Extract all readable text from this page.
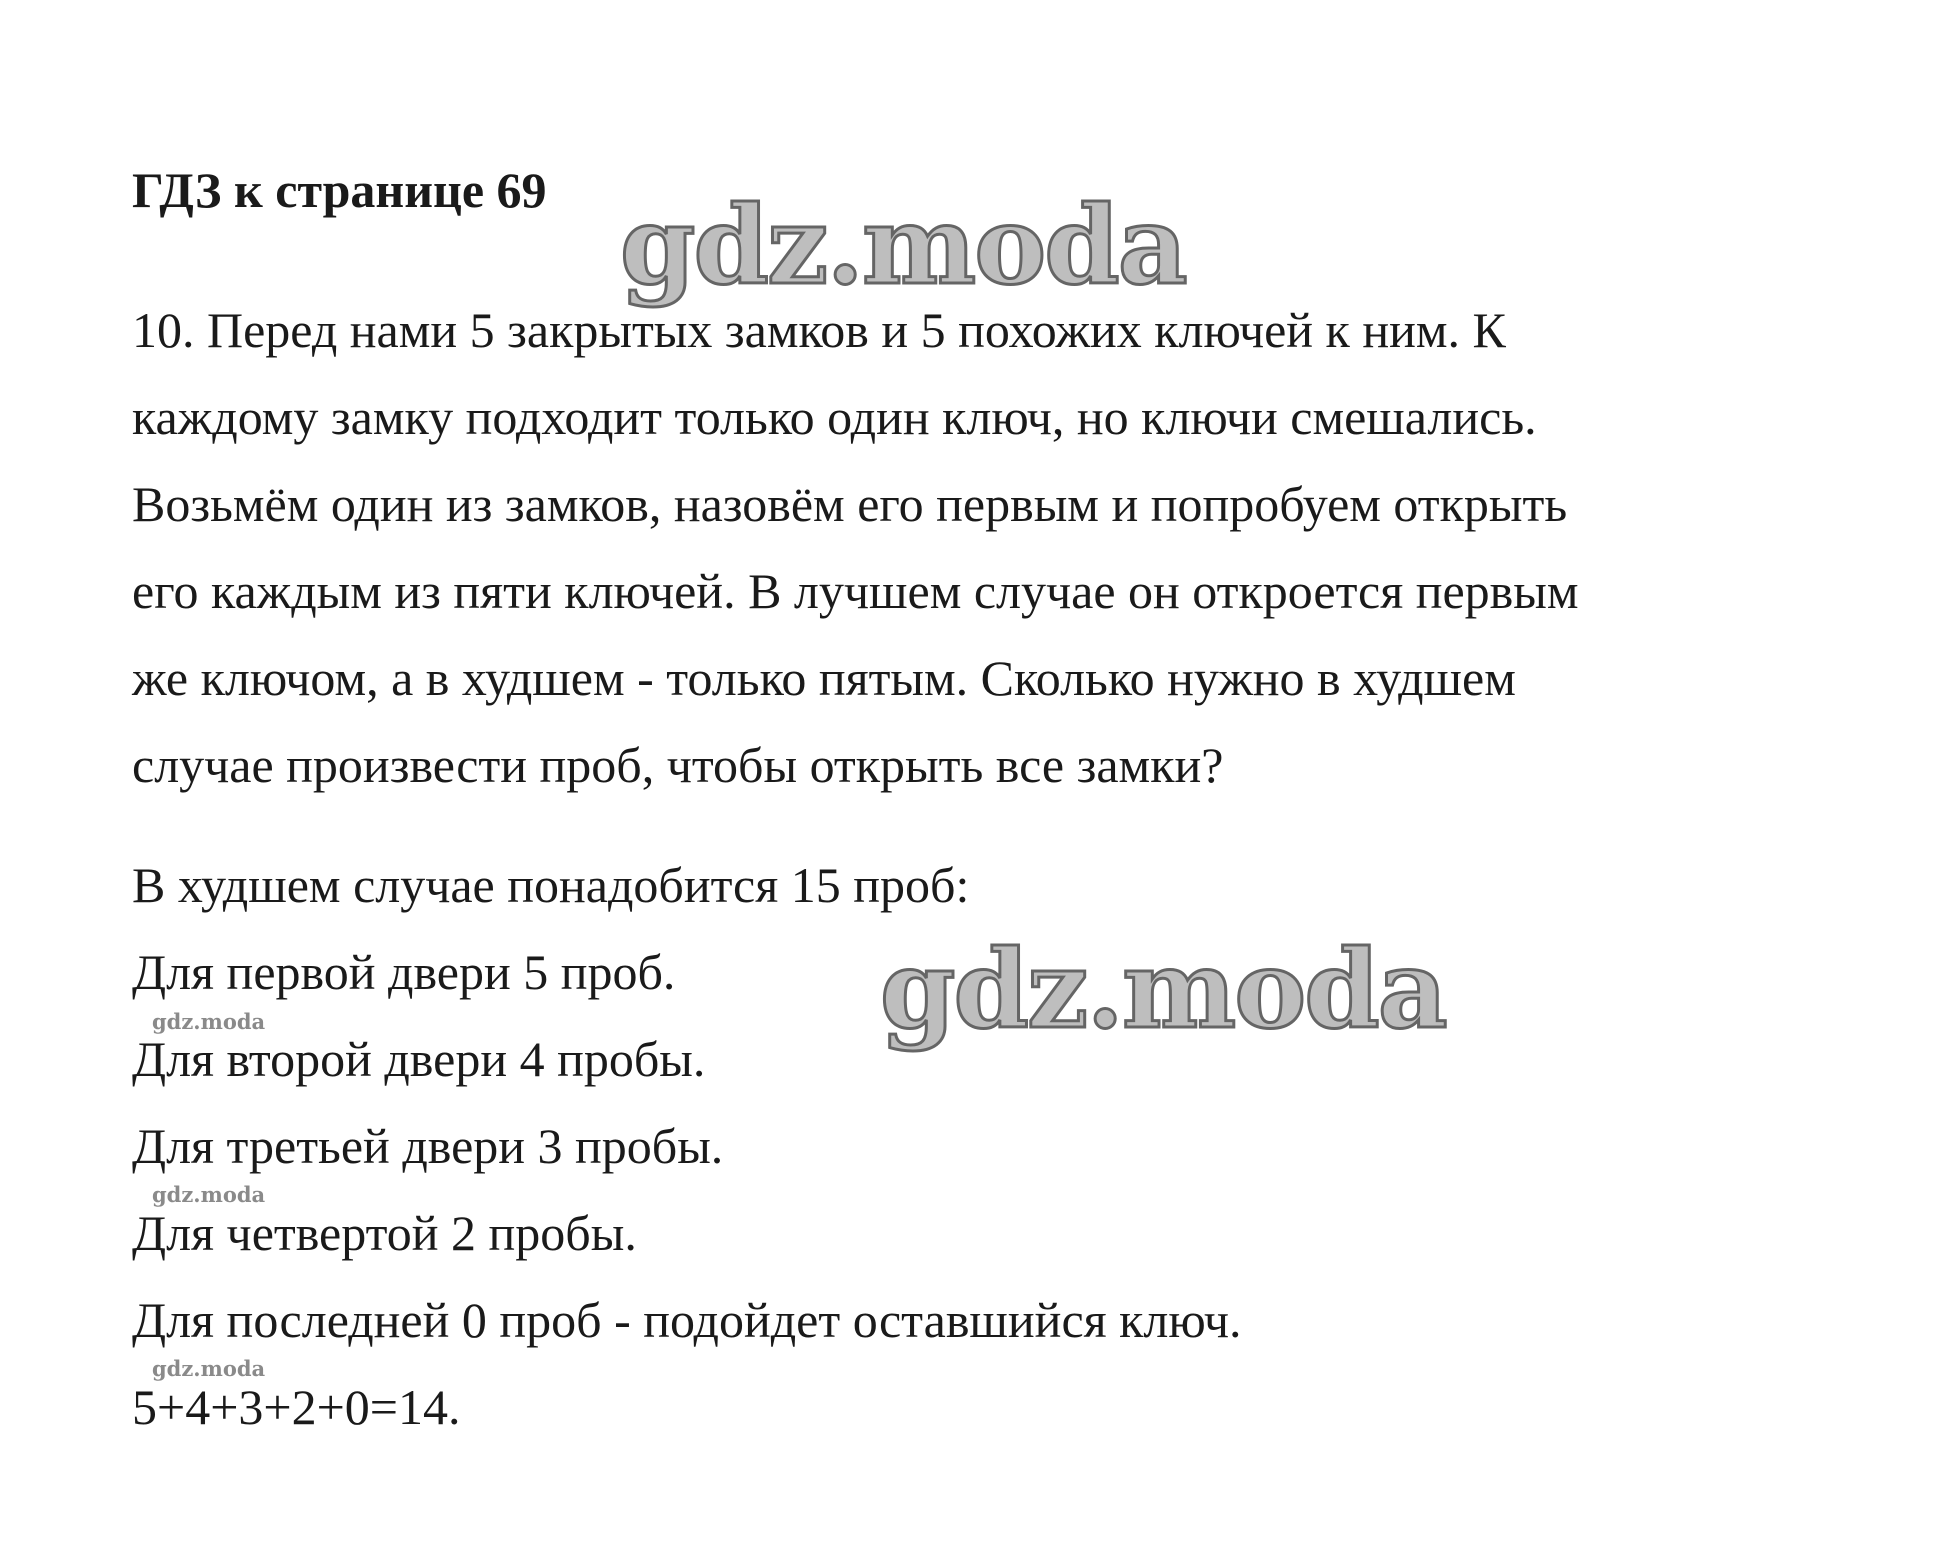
ГДЗ к странице 69

10. Перед нами 5 закрытых замков и 5 похожих ключей к ним. К

каждому замку подходит только один ключ, но ключи смешались.

Возьмём один из замков, назовём его первым и попробуем открыть

его каждым из пяти ключей. В лучшем случае он откроется первым

же ключом, а в худшем - только пятым. Сколько нужно в худшем

случае произвести проб, чтобы открыть все замки?

В худшем случае понадобится 15 проб:

Для первой двери 5 проб.

Для второй двери 4 пробы.

Для третьей двери 3 пробы.

Для четвертой 2 пробы.

Для последней 0 проб - подойдет оставшийся ключ.

5+4+3+2+0=14.

gdz.moda
gdz.moda
gdz.moda
gdz.moda
gdz.moda
